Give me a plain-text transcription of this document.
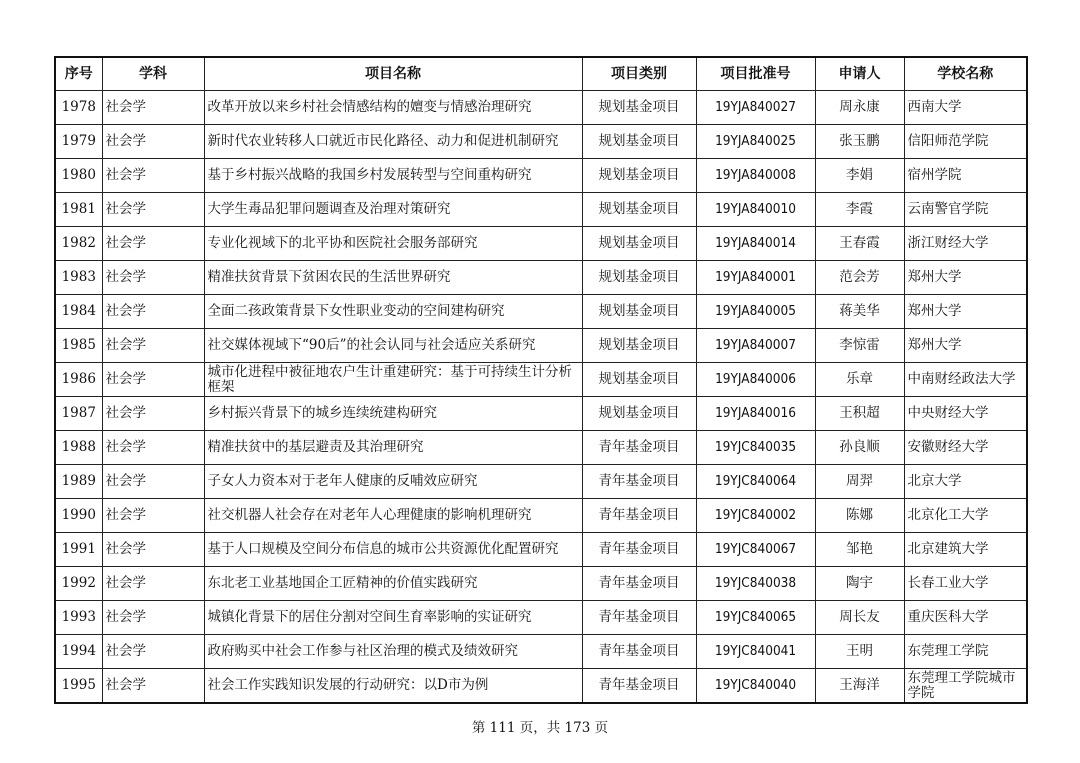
序号	学科	项目名称	项目类别	项目批准号	申请人	学校名称
1978	社会学	改革开放以来乡村社会情感结构的嬗变与情感治理研究	规划基金项目	19YJA840027	周永康	西南大学
1979	社会学	新时代农业转移人口就近市民化路径、动力和促进机制研究	规划基金项目	19YJA840025	张玉鹏	信阳师范学院
1980	社会学	基于乡村振兴战略的我国乡村发展转型与空间重构研究	规划基金项目	19YJA840008	李娟	宿州学院
1981	社会学	大学生毒品犯罪问题调查及治理对策研究	规划基金项目	19YJA840010	李霞	云南警官学院
1982	社会学	专业化视域下的北平协和医院社会服务部研究	规划基金项目	19YJA840014	王春霞	浙江财经大学
1983	社会学	精准扶贫背景下贫困农民的生活世界研究	规划基金项目	19YJA840001	范会芳	郑州大学
1984	社会学	全面二孩政策背景下女性职业变动的空间建构研究	规划基金项目	19YJA840005	蒋美华	郑州大学
1985	社会学	社交媒体视域下“90后”的社会认同与社会适应关系研究	规划基金项目	19YJA840007	李惊雷	郑州大学
1986	社会学	城市化进程中被征地农户生计重建研究：基于可持续生计分析框架	规划基金项目	19YJA840006	乐章	中南财经政法大学
1987	社会学	乡村振兴背景下的城乡连续统建构研究	规划基金项目	19YJA840016	王积超	中央财经大学
1988	社会学	精准扶贫中的基层避责及其治理研究	青年基金项目	19YJC840035	孙良顺	安徽财经大学
1989	社会学	子女人力资本对于老年人健康的反哺效应研究	青年基金项目	19YJC840064	周羿	北京大学
1990	社会学	社交机器人社会存在对老年人心理健康的影响机理研究	青年基金项目	19YJC840002	陈娜	北京化工大学
1991	社会学	基于人口规模及空间分布信息的城市公共资源优化配置研究	青年基金项目	19YJC840067	邹艳	北京建筑大学
1992	社会学	东北老工业基地国企工匠精神的价值实践研究	青年基金项目	19YJC840038	陶宇	长春工业大学
1993	社会学	城镇化背景下的居住分割对空间生育率影响的实证研究	青年基金项目	19YJC840065	周长友	重庆医科大学
1994	社会学	政府购买中社会工作参与社区治理的模式及绩效研究	青年基金项目	19YJC840041	王明	东莞理工学院
1995	社会学	社会工作实践知识发展的行动研究：以D市为例	青年基金项目	19YJC840040	王海洋	东莞理工学院城市学院
第 111 页，共 173 页
